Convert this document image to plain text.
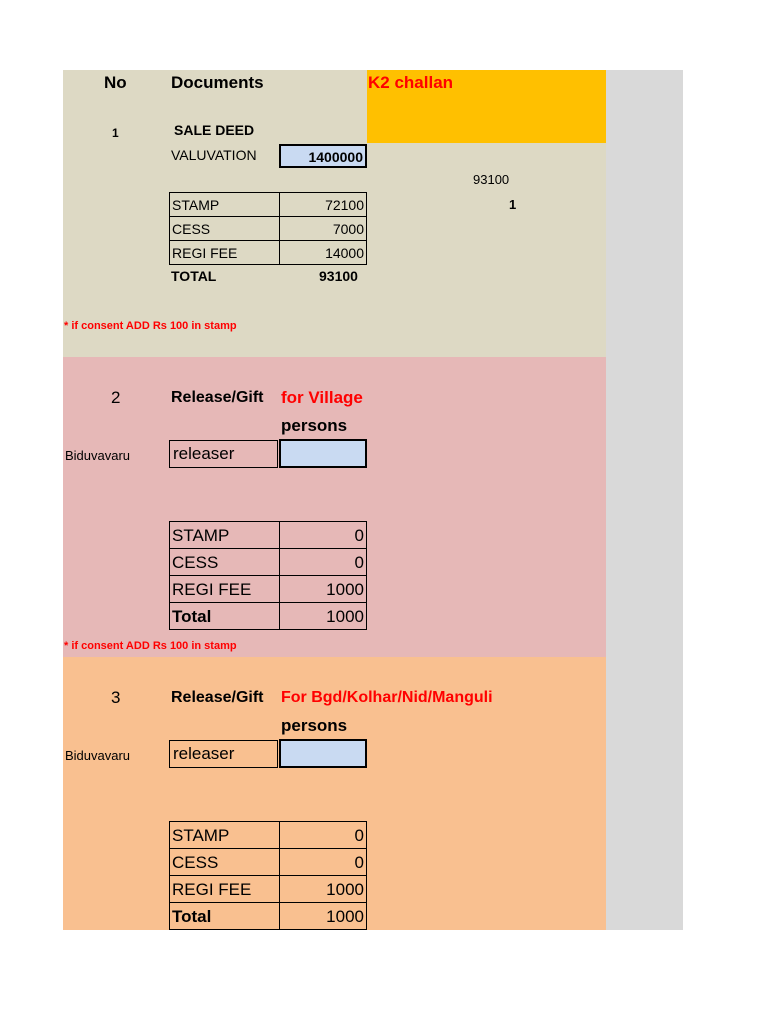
No	Documents	K2 challan
1	SALE DEED
VALUVATION	1400000
93100
1
STAMP	72100
CESS	7000
REGI FEE	14000
TOTAL	93100
* if consent ADD Rs 100 in stamp
2	Release/Gift for Village
persons
Biduvavaru	releaser
STAMP	0
CESS	0
REGI FEE	1000
Total	1000
* if consent ADD Rs 100 in stamp
3	Release/Gift For Bgd/Kolhar/Nid/Manguli
persons
Biduvavaru	releaser
STAMP	0
CESS	0
REGI FEE	1000
Total	1000
